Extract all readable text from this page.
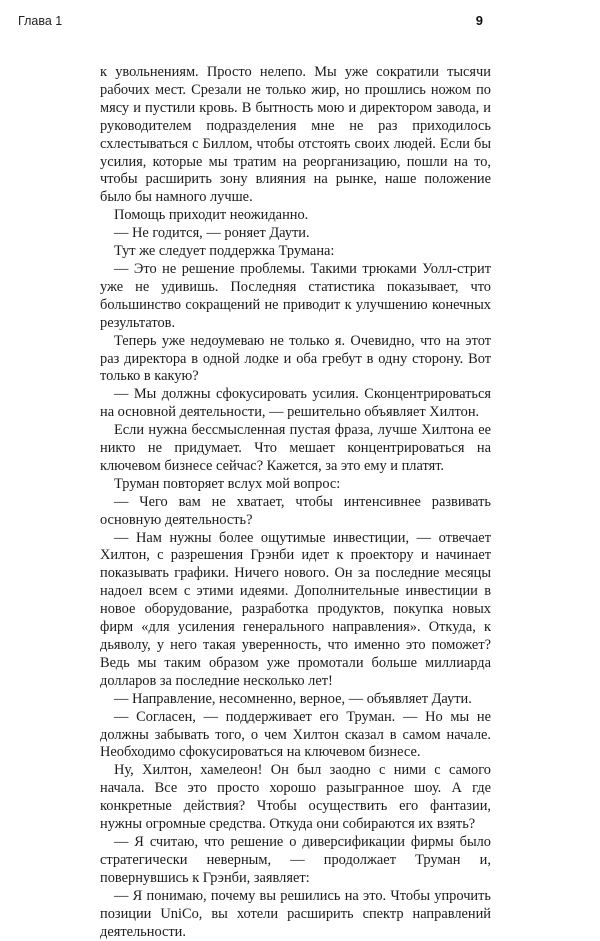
Глава 1	9

к увольнениям. Просто нелепо. Мы уже сократили тысячи рабочих мест. Срезали не только жир, но прошлись ножом по мясу и пустили кровь. В бытность мою и директором завода, и руководителем подразделения мне не раз приходилось схлестываться с Биллом, чтобы отстоять своих людей. Если бы усилия, которые мы тратим на реорганизацию, пошли на то, чтобы расширить зону влияния на рынке, наше положение было бы намного лучше.

Помощь приходит неожиданно.

— Не годится, — роняет Даути.

Тут же следует поддержка Трумана:

— Это не решение проблемы. Такими трюками Уолл-стрит уже не удивишь. Последняя статистика показывает, что большинство сокращений не приводит к улучшению конечных результатов.

Теперь уже недоумеваю не только я. Очевидно, что на этот раз директора в одной лодке и оба гребут в одну сторону. Вот только в какую?

— Мы должны сфокусировать усилия. Сконцентрироваться на основной деятельности, — решительно объявляет Хилтон.

Если нужна бессмысленная пустая фраза, лучше Хилтона ее никто не придумает. Что мешает концентрироваться на ключевом бизнесе сейчас? Кажется, за это ему и платят.

Труман повторяет вслух мой вопрос:

— Чего вам не хватает, чтобы интенсивнее развивать основную деятельность?

— Нам нужны более ощутимые инвестиции, — отвечает Хилтон, с разрешения Грэнби идет к проектору и начинает показывать графики. Ничего нового. Он за последние месяцы надоел всем с этими идеями. Дополнительные инвестиции в новое оборудование, разработка продуктов, покупка новых фирм «для усиления генерального направления». Откуда, к дьяволу, у него такая уверенность, что именно это поможет? Ведь мы таким образом уже промотали больше миллиарда долларов за последние несколько лет!

— Направление, несомненно, верное, — объявляет Даути.

— Согласен, — поддерживает его Труман. — Но мы не должны забывать того, о чем Хилтон сказал в самом начале. Необходимо сфокусироваться на ключевом бизнесе.

Ну, Хилтон, хамелеон! Он был заодно с ними с самого начала. Все это просто хорошо разыгранное шоу. А где конкретные действия? Чтобы осуществить его фантазии, нужны огромные средства. Откуда они собираются их взять?

— Я считаю, что решение о диверсификации фирмы было стратегически неверным, — продолжает Труман и, повернувшись к Грэнби, заявляет:

— Я понимаю, почему вы решились на это. Чтобы упрочить позиции UniCo, вы хотели расширить спектр направлений деятельности.
